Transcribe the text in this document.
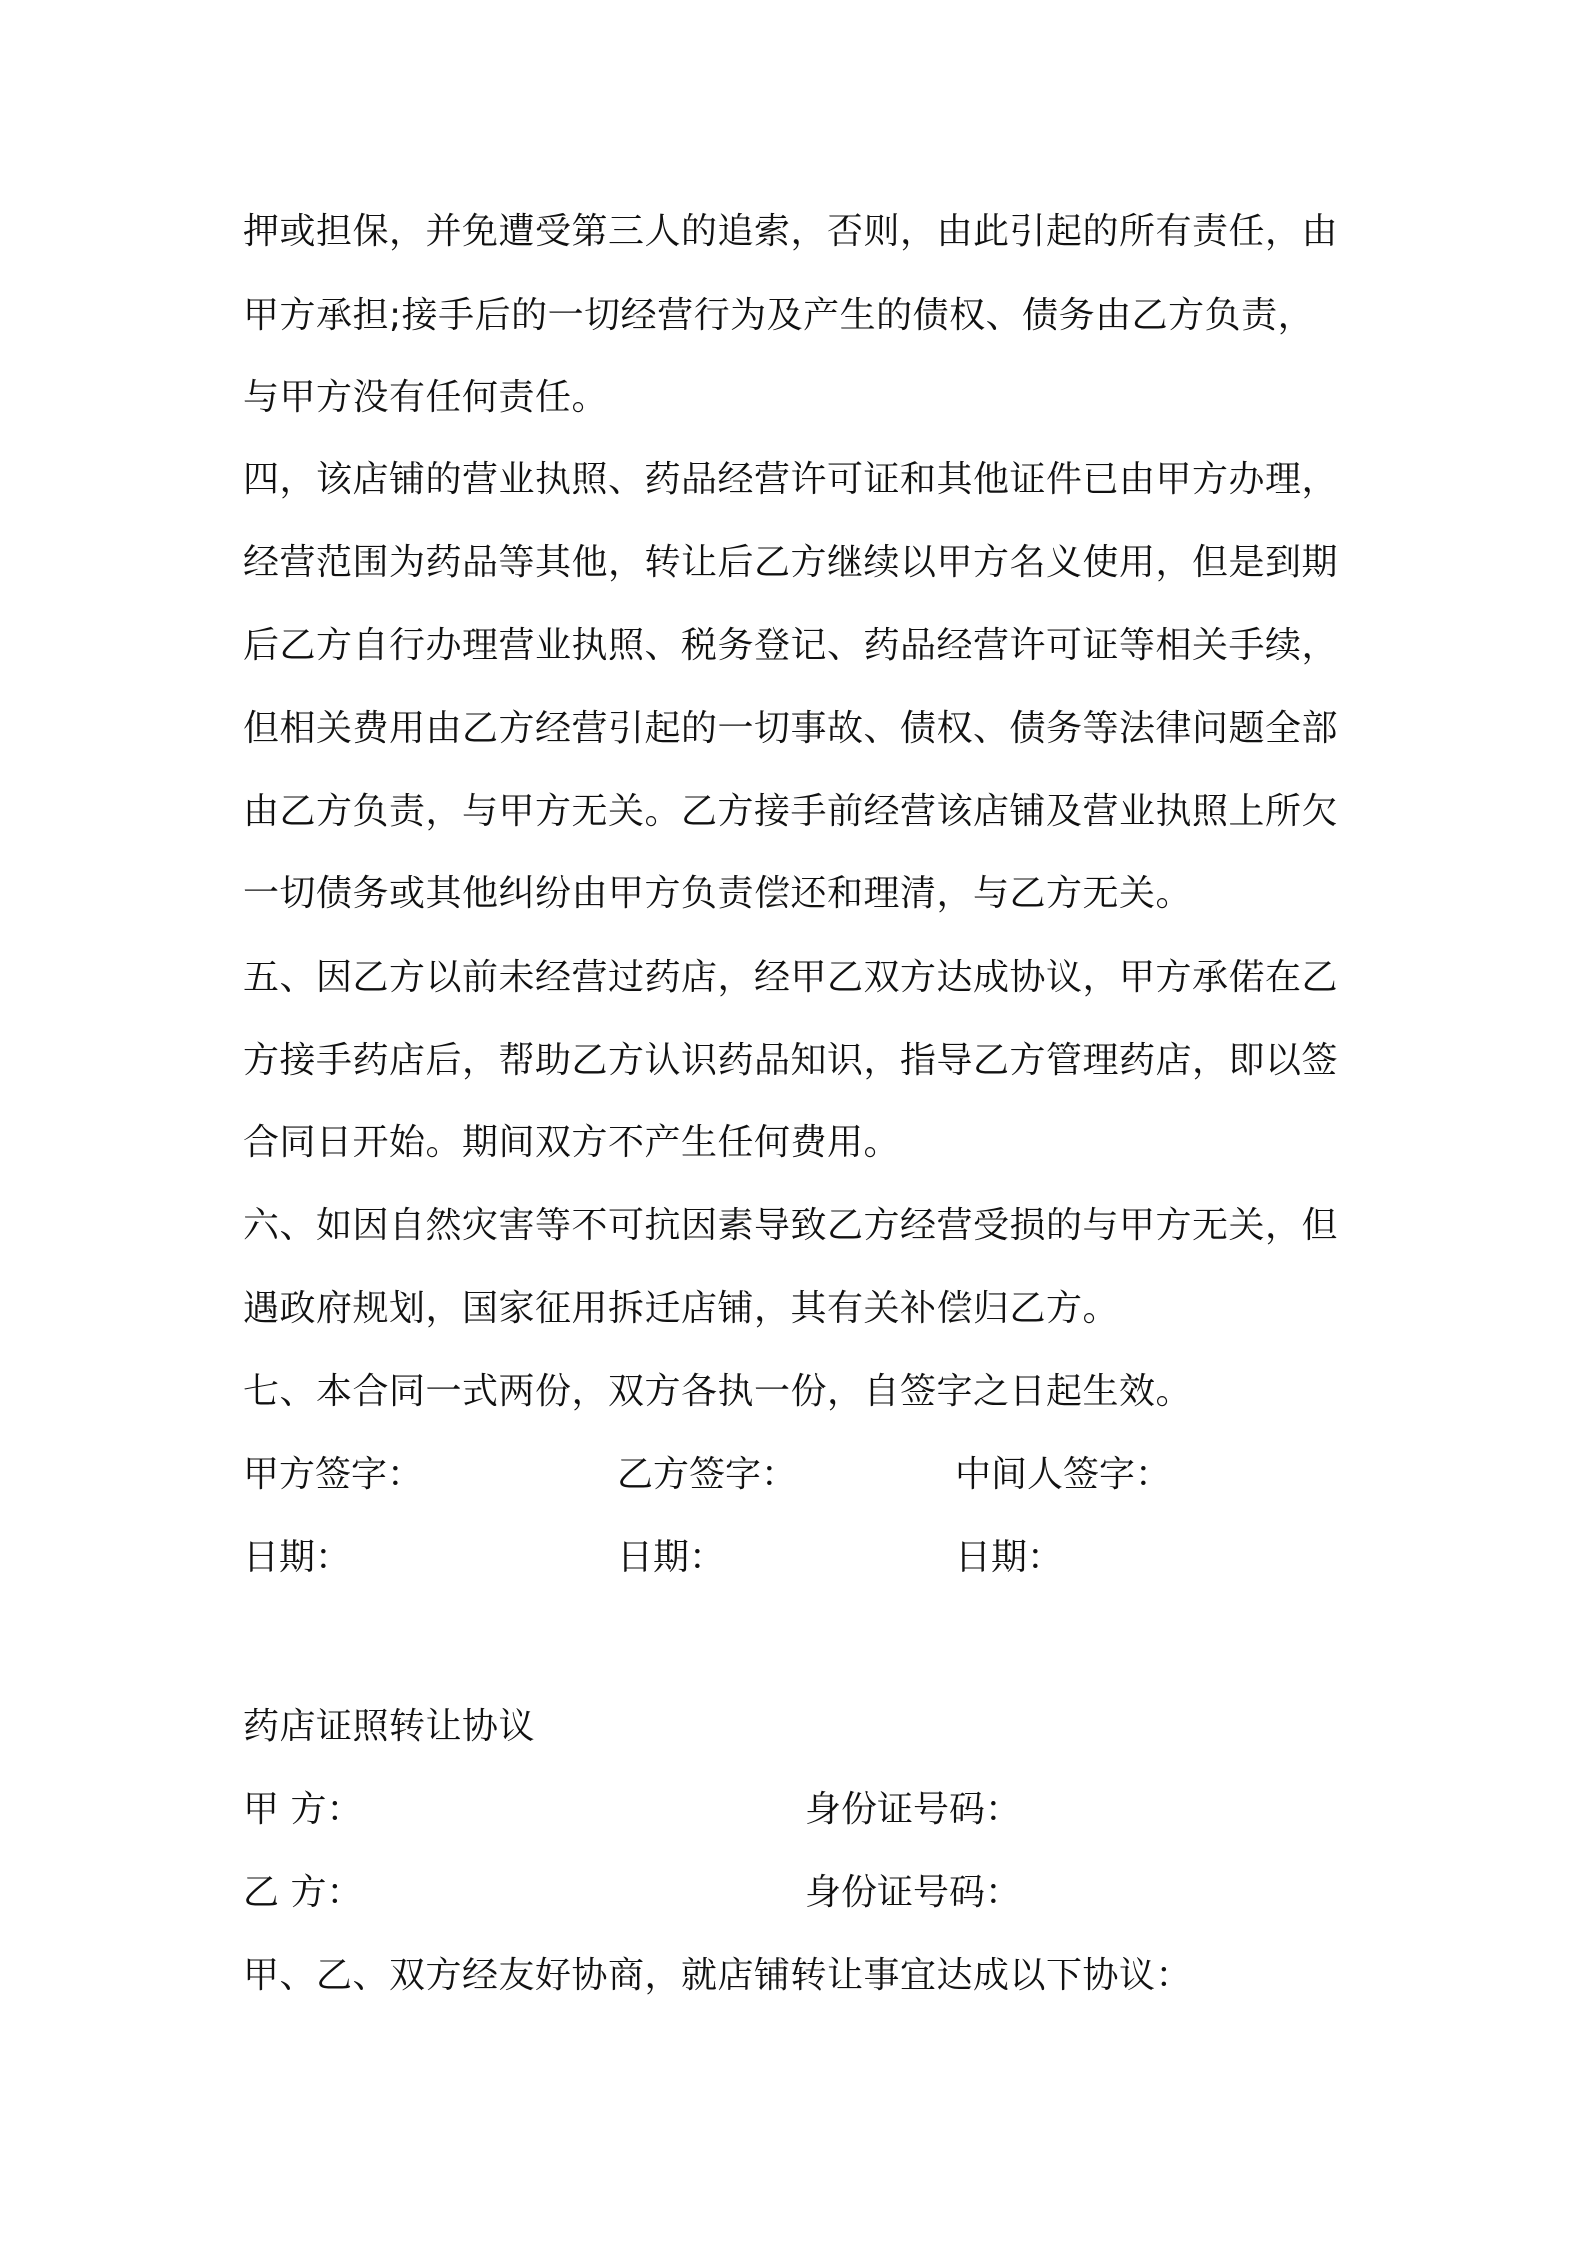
押或担保，并免遭受第三人的追索，否则，由此引起的所有责任，由
甲方承担;接手后的一切经营行为及产生的债权、债务由乙方负责，
与甲方没有任何责任。
四，该店铺的营业执照、药品经营许可证和其他证件已由甲方办理，
经营范围为药品等其他，转让后乙方继续以甲方名义使用，但是到期
后乙方自行办理营业执照、税务登记、药品经营许可证等相关手续，
但相关费用由乙方经营引起的一切事故、债权、债务等法律问题全部
由乙方负责，与甲方无关。乙方接手前经营该店铺及营业执照上所欠
一切债务或其他纠纷由甲方负责偿还和理清，与乙方无关。
五、因乙方以前未经营过药店，经甲乙双方达成协议，甲方承偌在乙
方接手药店后，帮助乙方认识药品知识，指导乙方管理药店，即以签
合同日开始。期间双方不产生任何费用。
六、如因自然灾害等不可抗因素导致乙方经营受损的与甲方无关，但
遇政府规划，国家征用拆迁店铺，其有关补偿归乙方。
七、本合同一式两份，双方各执一份，自签字之日起生效。
甲方签字：	乙方签字：	中间人签字：
日期：	日期：	日期：
药店证照转让协议
甲 方：	身份证号码：
乙 方：	身份证号码：
甲、乙、双方经友好协商，就店铺转让事宜达成以下协议：
